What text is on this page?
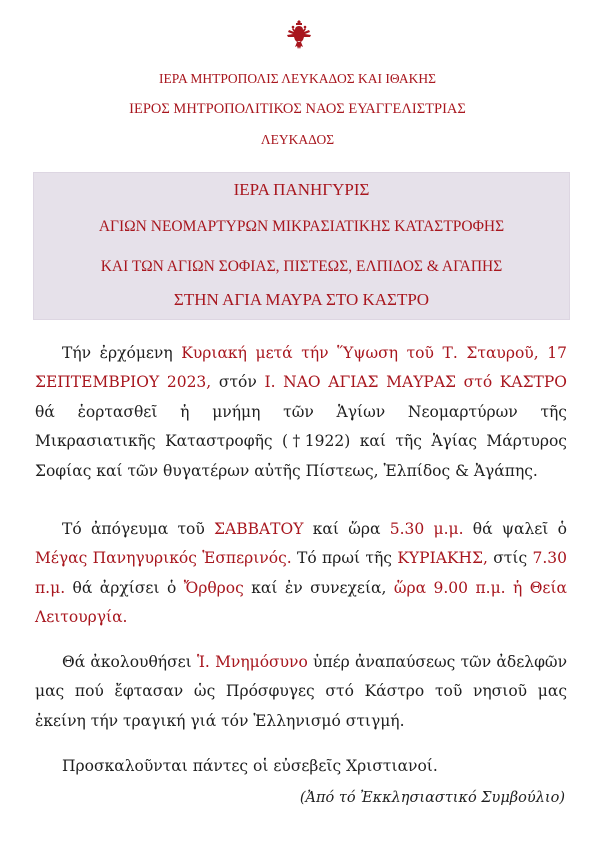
ΙΕΡΑ ΜΗΤΡΟΠΟΛΙΣ ΛΕΥΚΑΔΟΣ ΚΑΙ ΙΘΑΚΗΣ
ΙΕΡΟΣ ΜΗΤΡΟΠΟΛΙΤΙΚΟΣ ΝΑΟΣ ΕΥΑΓΓΕΛΙΣΤΡΙΑΣ
ΛΕΥΚΑΔΟΣ
ΙΕΡΑ ΠΑΝΗΓΥΡΙΣ
ΑΓΙΩΝ ΝΕΟΜΑΡΤΥΡΩΝ ΜΙΚΡΑΣΙΑΤΙΚΗΣ ΚΑΤΑΣΤΡΟΦΗΣ
ΚΑΙ ΤΩΝ ΑΓΙΩΝ ΣΟΦΙΑΣ, ΠΙΣΤΕΩΣ, ΕΛΠΙΔΟΣ & ΑΓΑΠΗΣ
ΣΤΗΝ ΑΓΙΑ ΜΑΥΡΑ ΣΤΟ ΚΑΣΤΡΟ
Τήν ἐρχόμενη Κυριακή μετά τήν Ὕψωση τοῦ Τ. Σταυροῦ, 17 ΣΕΠΤΕΜΒΡΙΟΥ 2023, στόν Ι. ΝΑΟ ΑΓΙΑΣ ΜΑΥΡΑΣ στό ΚΑΣΤΡΟ θά ἑορτασθεῖ ἡ μνήμη τῶν Ἁγίων Νεομαρτύρων τῆς Μικρασιατικῆς Καταστροφῆς (†1922) καί τῆς Ἁγίας Μάρτυρος Σοφίας καί τῶν θυγατέρων αὐτῆς Πίστεως, Ἐλπίδος & Ἀγάπης.
Τό ἀπόγευμα τοῦ ΣΑΒΒΑΤΟΥ καί ὥρα 5.30 μ.μ. θά ψαλεῖ ὁ Μέγας Πανηγυρικός Ἑσπερινός. Τό πρωί τῆς ΚΥΡΙΑΚΗΣ, στίς 7.30 π.μ. θά ἀρχίσει ὁ Ὄρθρος καί ἐν συνεχεία, ὥρα 9.00 π.μ. ἡ Θεία Λειτουργία.
Θά ἀκολουθήσει Ἱ. Μνημόσυνο ὑπέρ ἀναπαύσεως τῶν ἀδελφῶν μας πού ἔφτασαν ὡς Πρόσφυγες στό Κάστρο τοῦ νησιοῦ μας ἐκείνη τήν τραγική γιά τόν Ἑλληνισμό στιγμή.
Προσκαλοῦνται πάντες οἱ εὐσεβεῖς Χριστιανοί.
(Ἀπό τό Ἐκκλησιαστικό Συμβούλιο)
